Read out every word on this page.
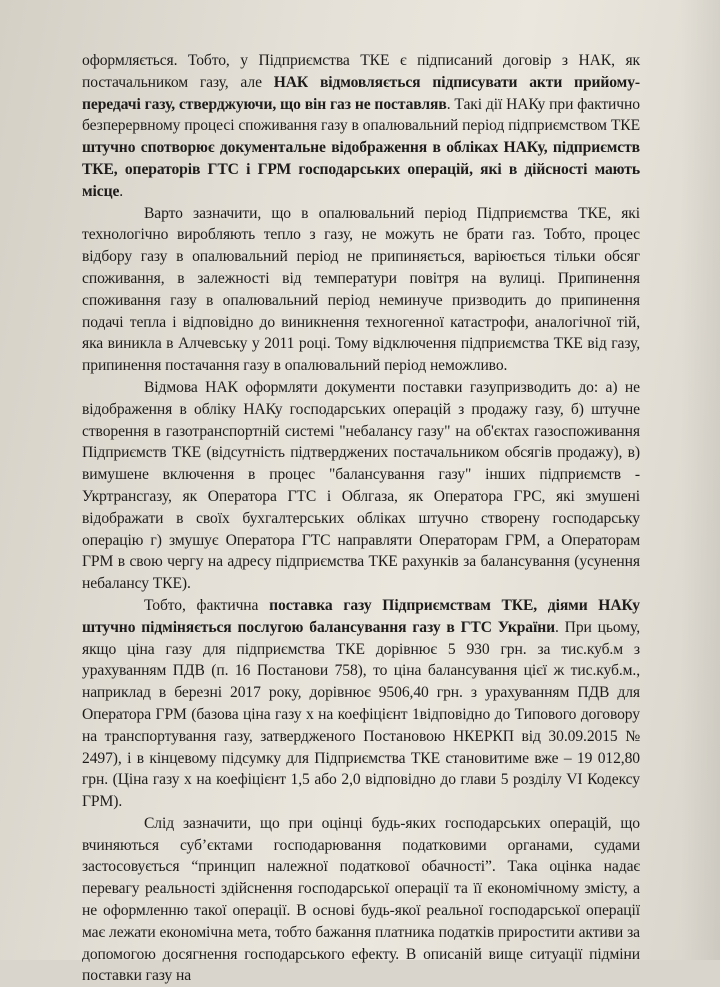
оформляється. Тобто, у Підприємства ТКЕ є підписаний договір з НАК, як постачальником газу, але НАК відмовляється підписувати акти прийому-передачі газу, стверджуючи, що він газ не поставляв. Такі дії НАКу при фактично безперервному процесі споживання газу в опалювальний період підприємством ТКЕ штучно спотворює документальне відображення в обліках НАКу, підприємств ТКЕ, операторів ГТС і ГРМ господарських операцій, які в дійсності мають місце.

Варто зазначити, що в опалювальний період Підприємства ТКЕ, які технологічно виробляють тепло з газу, не можуть не брати газ. Тобто, процес відбору газу в опалювальний період не припиняється, варіюється тільки обсяг споживання, в залежності від температури повітря на вулиці. Припинення споживання газу в опалювальний період неминуче призводить до припинення подачі тепла і відповідно до виникнення техногенної катастрофи, аналогічної тій, яка виникла в Алчевську у 2011 році. Тому відключення підприємства ТКЕ від газу, припинення постачання газу в опалювальний період неможливо.

Відмова НАК оформляти документи поставки газупризводить до: а) не відображення в обліку НАКу господарських операцій з продажу газу, б) штучне створення в газотранспортній системі "небалансу газу" на об'єктах газоспоживання Підприємств ТКЕ (відсутність підтверджених постачальником обсягів продажу), в) вимушене включення в процес "балансування газу" інших підприємств - Укртрансгазу, як Оператора ГТС і Облгаза, як Оператора ГРС, які змушені відображати в своїх бухгалтерських обліках штучно створену господарську операцію г) змушує Оператора ГТС направляти Операторам ГРМ, а Операторам ГРМ в свою чергу на адресу підприємства ТКЕ рахунків за балансування (усунення небалансу ТКЕ).

Тобто, фактична поставка газу Підприємствам ТКЕ, діями НАКу штучно підміняється послугою балансування газу в ГТС України. При цьому, якщо ціна газу для підприємства ТКЕ дорівнює 5 930 грн. за тис.куб.м з урахуванням ПДВ (п. 16 Постанови 758), то ціна балансування цієї ж тис.куб.м., наприклад в березні 2017 року, дорівнює 9506,40 грн. з урахуванням ПДВ для Оператора ГРМ (базова ціна газу х на коефіцієнт 1відповідно до Типового договору на транспортування газу, затвердженого Постановою НКЕРКП від 30.09.2015 № 2497), і в кінцевому підсумку для Підприємства ТКЕ становитиме вже – 19 012,80 грн. (Ціна газу х на коефіцієнт 1,5 або 2,0 відповідно до глави 5 розділу VI Кодексу ГРМ).

Слід зазначити, що при оцінці будь-яких господарських операцій, що вчиняються суб’єктами господарювання податковими органами, судами застосовується “принцип належної податкової обачності”. Така оцінка надає перевагу реальності здійснення господарської операції та її економічному змісту, а не оформленню такої операції. В основі будь-якої реальної господарської операції має лежати економічна мета, тобто бажання платника податків приростити активи за допомогою досягнення господарського ефекту. В описаній вище ситуації підміни поставки газу на
